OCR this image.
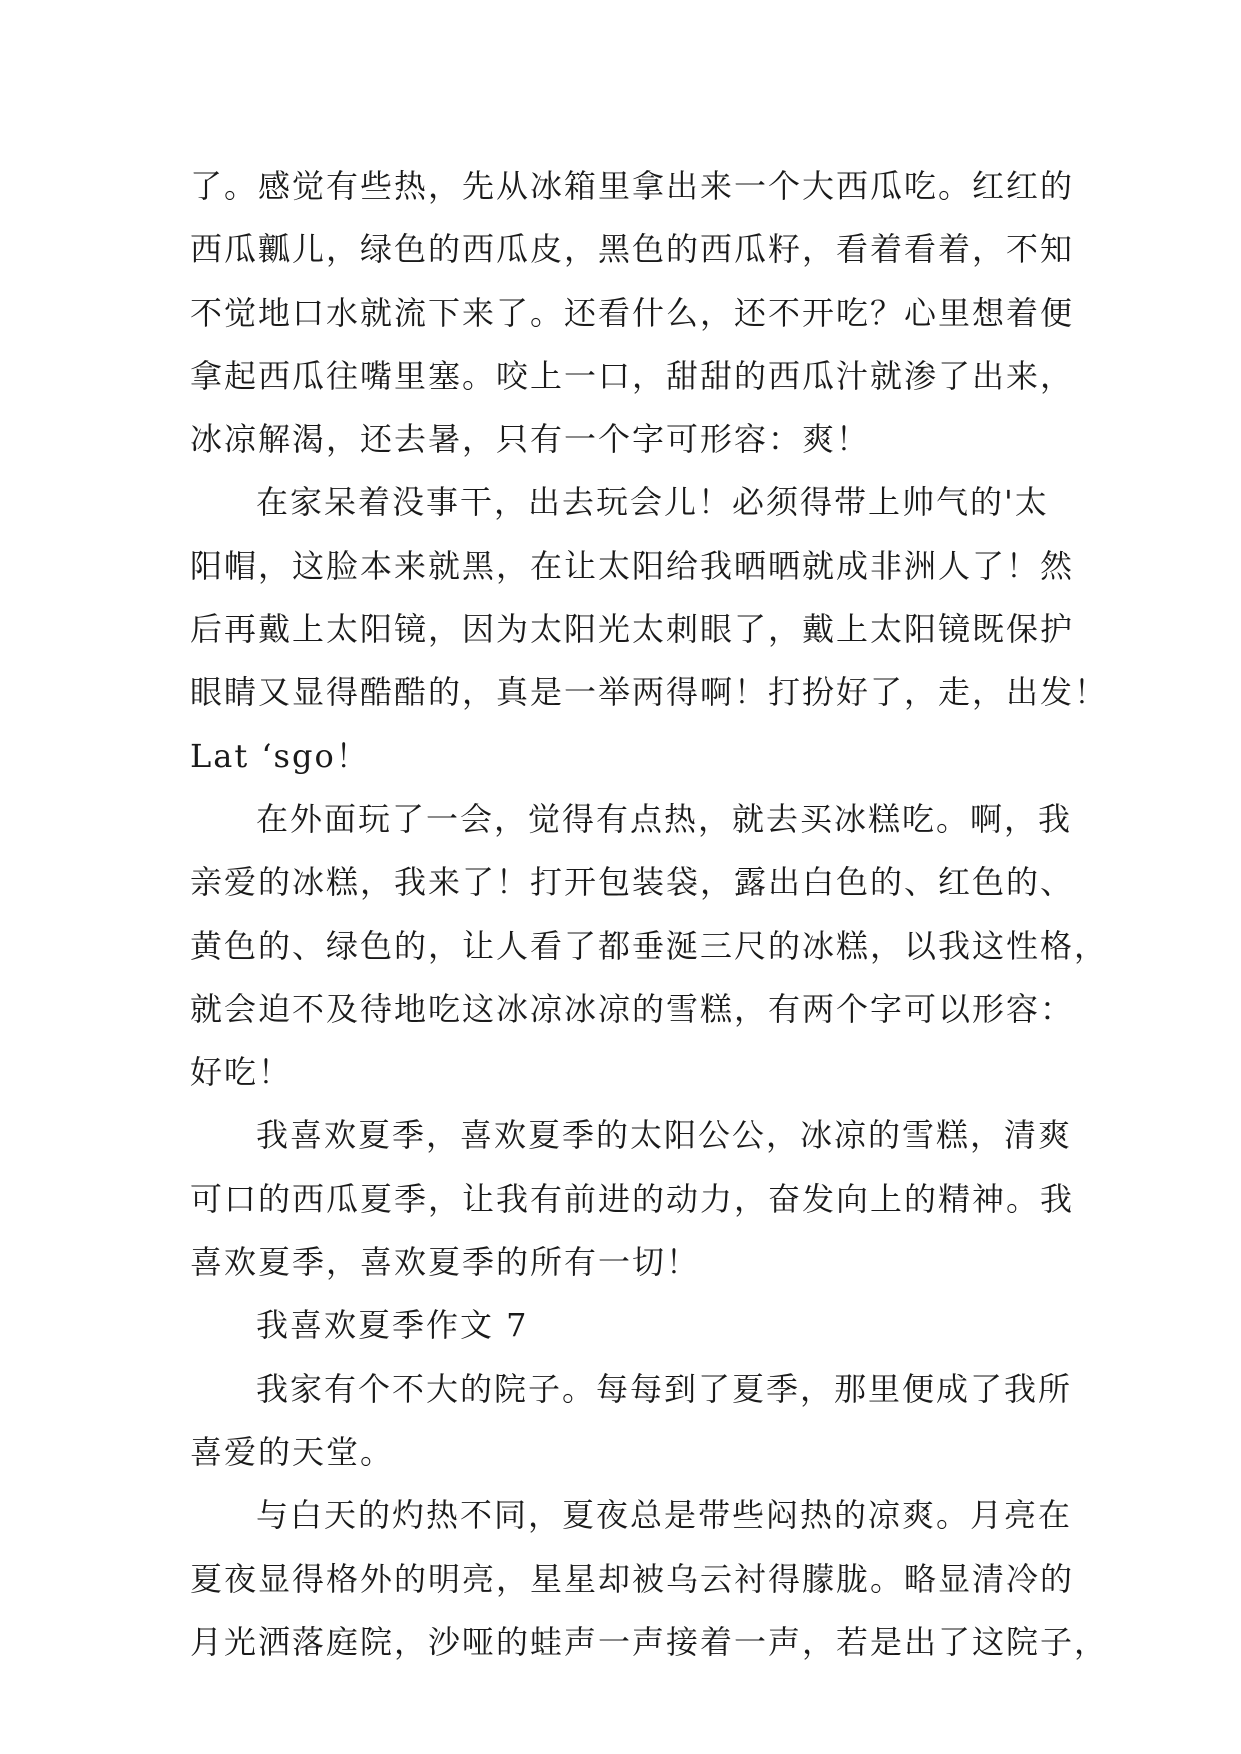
了。感觉有些热，先从冰箱里拿出来一个大西瓜吃。红红的
西瓜瓤儿，绿色的西瓜皮，黑色的西瓜籽，看着看着，不知
不觉地口水就流下来了。还看什么，还不开吃？心里想着便
拿起西瓜往嘴里塞。咬上一口，甜甜的西瓜汁就渗了出来，
冰凉解渴，还去暑，只有一个字可形容：爽！
在家呆着没事干，出去玩会儿！必须得带上帅气的'太
阳帽，这脸本来就黑，在让太阳给我晒晒就成非洲人了！然
后再戴上太阳镜，因为太阳光太刺眼了，戴上太阳镜既保护
眼睛又显得酷酷的，真是一举两得啊！打扮好了，走，出发！
Lat ‘sgo！
在外面玩了一会，觉得有点热，就去买冰糕吃。啊，我
亲爱的冰糕，我来了！打开包装袋，露出白色的、红色的、
黄色的、绿色的，让人看了都垂涎三尺的冰糕，以我这性格，
就会迫不及待地吃这冰凉冰凉的雪糕，有两个字可以形容：
好吃！
我喜欢夏季，喜欢夏季的太阳公公，冰凉的雪糕，清爽
可口的西瓜夏季，让我有前进的动力，奋发向上的精神。我
喜欢夏季，喜欢夏季的所有一切！
我喜欢夏季作文 7
我家有个不大的院子。每每到了夏季，那里便成了我所
喜爱的天堂。
与白天的灼热不同，夏夜总是带些闷热的凉爽。月亮在
夏夜显得格外的明亮，星星却被乌云衬得朦胧。略显清冷的
月光洒落庭院，沙哑的蛙声一声接着一声，若是出了这院子，
